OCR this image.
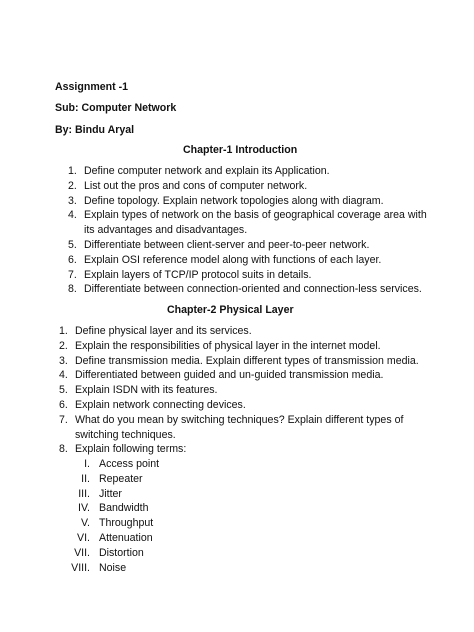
Assignment -1
Sub: Computer Network
By: Bindu Aryal
Chapter-1 Introduction
1. Define computer network and explain its Application.
2. List out the pros and cons of computer network.
3. Define topology. Explain network topologies along with diagram.
4. Explain types of network on the basis of geographical coverage area with its advantages and disadvantages.
5. Differentiate between client-server and peer-to-peer network.
6. Explain OSI reference model along with functions of each layer.
7. Explain layers of TCP/IP protocol suits in details.
8. Differentiate between connection-oriented and connection-less services.
Chapter-2 Physical Layer
1. Define physical layer and its services.
2. Explain the responsibilities of physical layer in the internet model.
3. Define transmission media. Explain different types of transmission media.
4. Differentiated between guided and un-guided transmission media.
5. Explain ISDN with its features.
6. Explain network connecting devices.
7. What do you mean by switching techniques? Explain different types of switching techniques.
8. Explain following terms:
I. Access point
II. Repeater
III. Jitter
IV. Bandwidth
V. Throughput
VI. Attenuation
VII. Distortion
VIII. Noise
